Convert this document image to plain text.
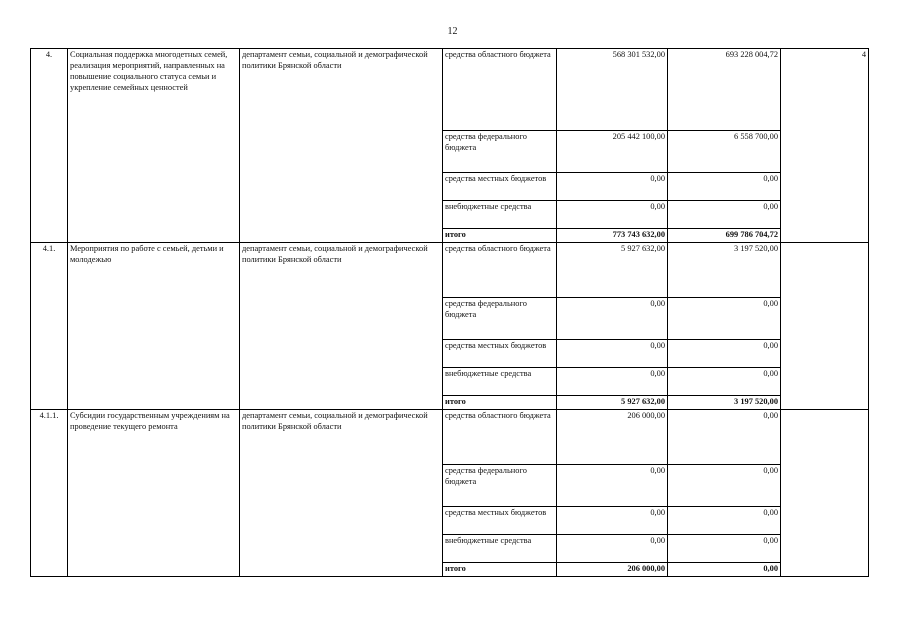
12
4.	Социальная поддержка многодетных семей, реализация мероприятий, направленных на повышение социального статуса семьи и укрепление семейных ценностей	департамент семьи, социальной и демографической политики Брянской области	средства областного бюджета	568 301 532,00	693 228 004,72	4
			средства федерального бюджета	205 442 100,00	6 558 700,00	
			средства местных бюджетов	0,00	0,00	
			внебюджетные средства	0,00	0,00	
			итого	773 743 632,00	699 786 704,72	
4.1.	Мероприятия по работе с семьей, детьми и молодежью	департамент семьи, социальной и демографической политики Брянской области	средства областного бюджета	5 927 632,00	3 197 520,00	
			средства федерального бюджета	0,00	0,00	
			средства местных бюджетов	0,00	0,00	
			внебюджетные средства	0,00	0,00	
			итого	5 927 632,00	3 197 520,00	
4.1.1.	Субсидии государственным учреждениям на проведение текущего ремонта	департамент семьи, социальной и демографической политики Брянской области	средства областного бюджета	206 000,00	0,00	
			средства федерального бюджета	0,00	0,00	
			средства местных бюджетов	0,00	0,00	
			внебюджетные средства	0,00	0,00	
			итого	206 000,00	0,00	
